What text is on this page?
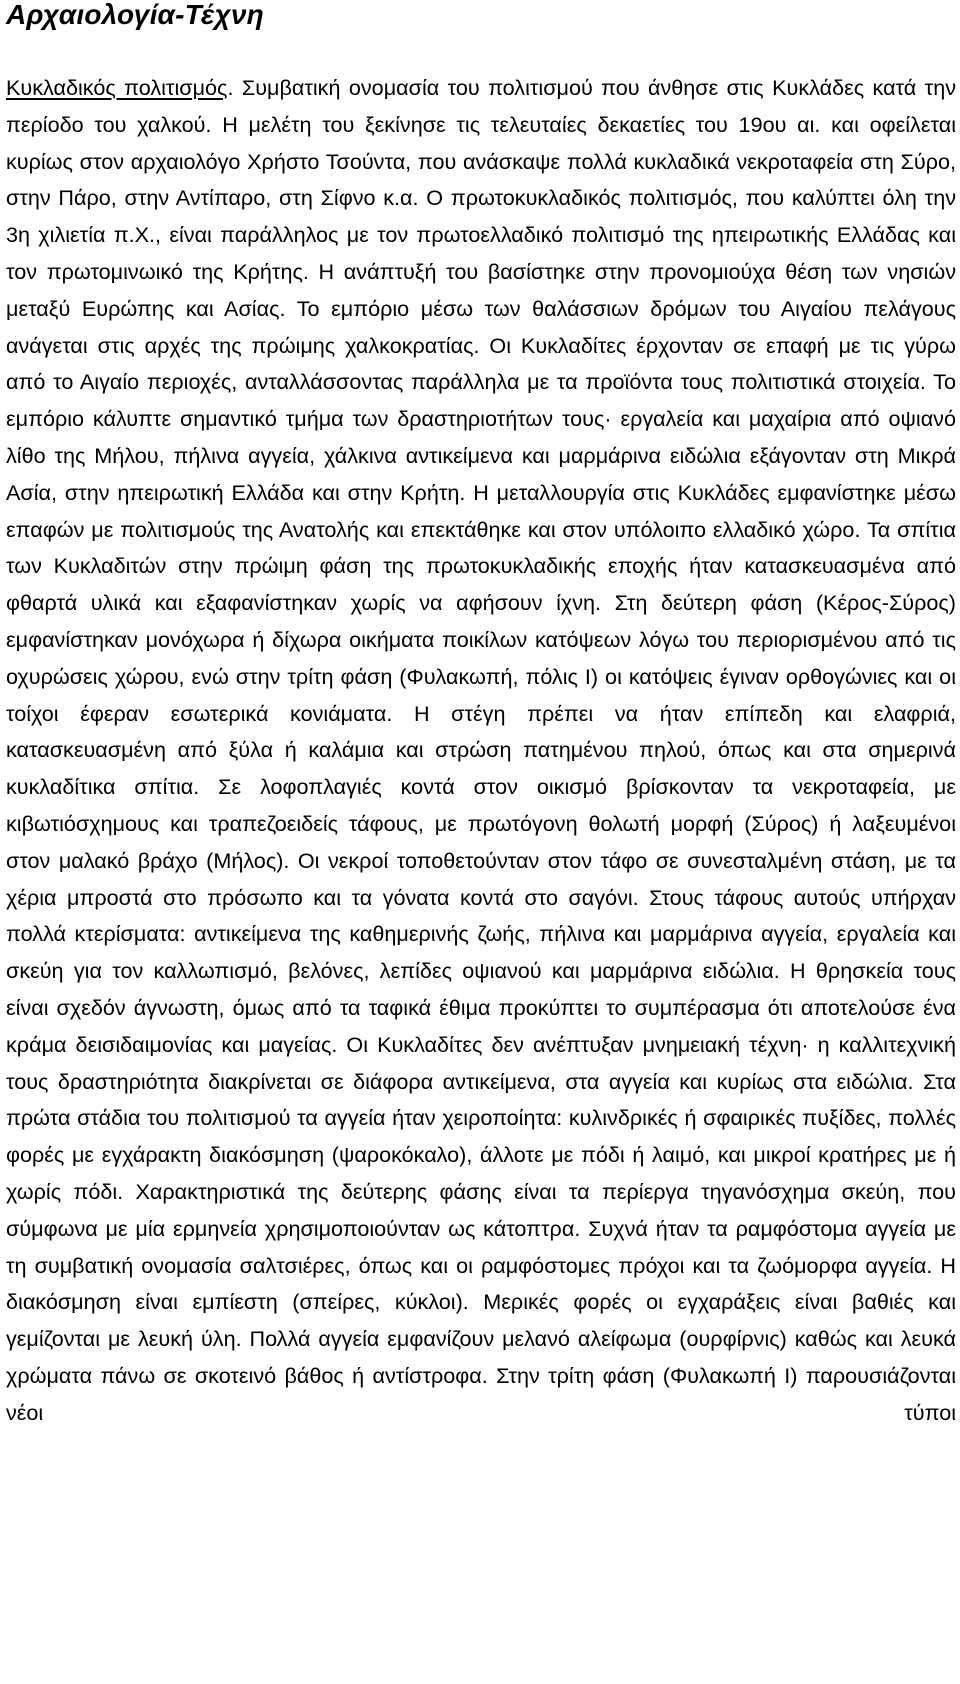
Αρχαιολογία-Τέχνη

Κυκλαδικός πολιτισμός. Συμβατική ονομασία του πολιτισμού που άνθησε στις Κυκλάδες κατά την περίοδο του χαλκού. Η μελέτη του ξεκίνησε τις τελευταίες δεκαετίες του 19ου αι. και οφείλεται κυρίως στον αρχαιολόγο Χρήστο Τσούντα, που ανάσκαψε πολλά κυκλαδικά νεκροταφεία στη Σύρο, στην Πάρο, στην Αντίπαρο, στη Σίφνο κ.α. Ο πρωτοκυκλαδικός πολιτισμός, που καλύπτει όλη την 3η χιλιετία π.Χ., είναι παράλληλος με τον πρωτοελλαδικό πολιτισμό της ηπειρωτικής Ελλάδας και τον πρωτομινωικό της Κρήτης. Η ανάπτυξή του βασίστηκε στην προνομιούχα θέση των νησιών μεταξύ Ευρώπης και Ασίας. Το εμπόριο μέσω των θαλάσσιων δρόμων του Αιγαίου πελάγους ανάγεται στις αρχές της πρώιμης χαλκοκρατίας. Οι Κυκλαδίτες έρχονταν σε επαφή με τις γύρω από το Αιγαίο περιοχές, ανταλλάσσοντας παράλληλα με τα προϊόντα τους πολιτιστικά στοιχεία. Το εμπόριο κάλυπτε σημαντικό τμήμα των δραστηριοτήτων τους· εργαλεία και μαχαίρια από οψιανό λίθο της Μήλου, πήλινα αγγεία, χάλκινα αντικείμενα και μαρμάρινα ειδώλια εξάγονταν στη Μικρά Ασία, στην ηπειρωτική Ελλάδα και στην Κρήτη. Η μεταλλουργία στις Κυκλάδες εμφανίστηκε μέσω επαφών με πολιτισμούς της Ανατολής και επεκτάθηκε και στον υπόλοιπο ελλαδικό χώρο. Τα σπίτια των Κυκλαδιτών στην πρώιμη φάση της πρωτοκυκλαδικής εποχής ήταν κατασκευασμένα από φθαρτά υλικά και εξαφανίστηκαν χωρίς να αφήσουν ίχνη. Στη δεύτερη φάση (Κέρος-Σύρος) εμφανίστηκαν μονόχωρα ή δίχωρα οικήματα ποικίλων κατόψεων λόγω του περιορισμένου από τις οχυρώσεις χώρου, ενώ στην τρίτη φάση (Φυλακωπή, πόλις Ι) οι κατόψεις έγιναν ορθογώνιες και οι τοίχοι έφεραν εσωτερικά κονιάματα. Η στέγη πρέπει να ήταν επίπεδη και ελαφριά, κατασκευασμένη από ξύλα ή καλάμια και στρώση πατημένου πηλού, όπως και στα σημερινά κυκλαδίτικα σπίτια. Σε λοφοπλαγιές κοντά στον οικισμό βρίσκονταν τα νεκροταφεία, με κιβωτιόσχημους και τραπεζοειδείς τάφους, με πρωτόγονη θολωτή μορφή (Σύρος) ή λαξευμένοι στον μαλακό βράχο (Μήλος). Οι νεκροί τοποθετούνταν στον τάφο σε συνεσταλμένη στάση, με τα χέρια μπροστά στο πρόσωπο και τα γόνατα κοντά στο σαγόνι. Στους τάφους αυτούς υπήρχαν πολλά κτερίσματα: αντικείμενα της καθημερινής ζωής, πήλινα και μαρμάρινα αγγεία, εργαλεία και σκεύη για τον καλλωπισμό, βελόνες, λεπίδες οψιανού και μαρμάρινα ειδώλια. Η θρησκεία τους είναι σχεδόν άγνωστη, όμως από τα ταφικά έθιμα προκύπτει το συμπέρασμα ότι αποτελούσε ένα κράμα δεισιδαιμονίας και μαγείας. Οι Κυκλαδίτες δεν ανέπτυξαν μνημειακή τέχνη· η καλλιτεχνική τους δραστηριότητα διακρίνεται σε διάφορα αντικείμενα, στα αγγεία και κυρίως στα ειδώλια. Στα πρώτα στάδια του πολιτισμού τα αγγεία ήταν χειροποίητα: κυλινδρικές ή σφαιρικές πυξίδες, πολλές φορές με εγχάρακτη διακόσμηση (ψαροκόκαλο), άλλοτε με πόδι ή λαιμό, και μικροί κρατήρες με ή χωρίς πόδι. Χαρακτηριστικά της δεύτερης φάσης είναι τα περίεργα τηγανόσχημα σκεύη, που σύμφωνα με μία ερμηνεία χρησιμοποιούνταν ως κάτοπτρα. Συχνά ήταν τα ραμφόστομα αγγεία με τη συμβατική ονομασία σαλτσιέρες, όπως και οι ραμφόστομες πρόχοι και τα ζωόμορφα αγγεία. Η διακόσμηση είναι εμπίεστη (σπείρες, κύκλοι). Μερικές φορές οι εγχαράξεις είναι βαθιές και γεμίζονται με λευκή ύλη. Πολλά αγγεία εμφανίζουν μελανό αλείφωμα (ουρφίρνις) καθώς και λευκά χρώματα πάνω σε σκοτεινό βάθος ή αντίστροφα. Στην τρίτη φάση (Φυλακωπή Ι) παρουσιάζονται νέοι τύποι
